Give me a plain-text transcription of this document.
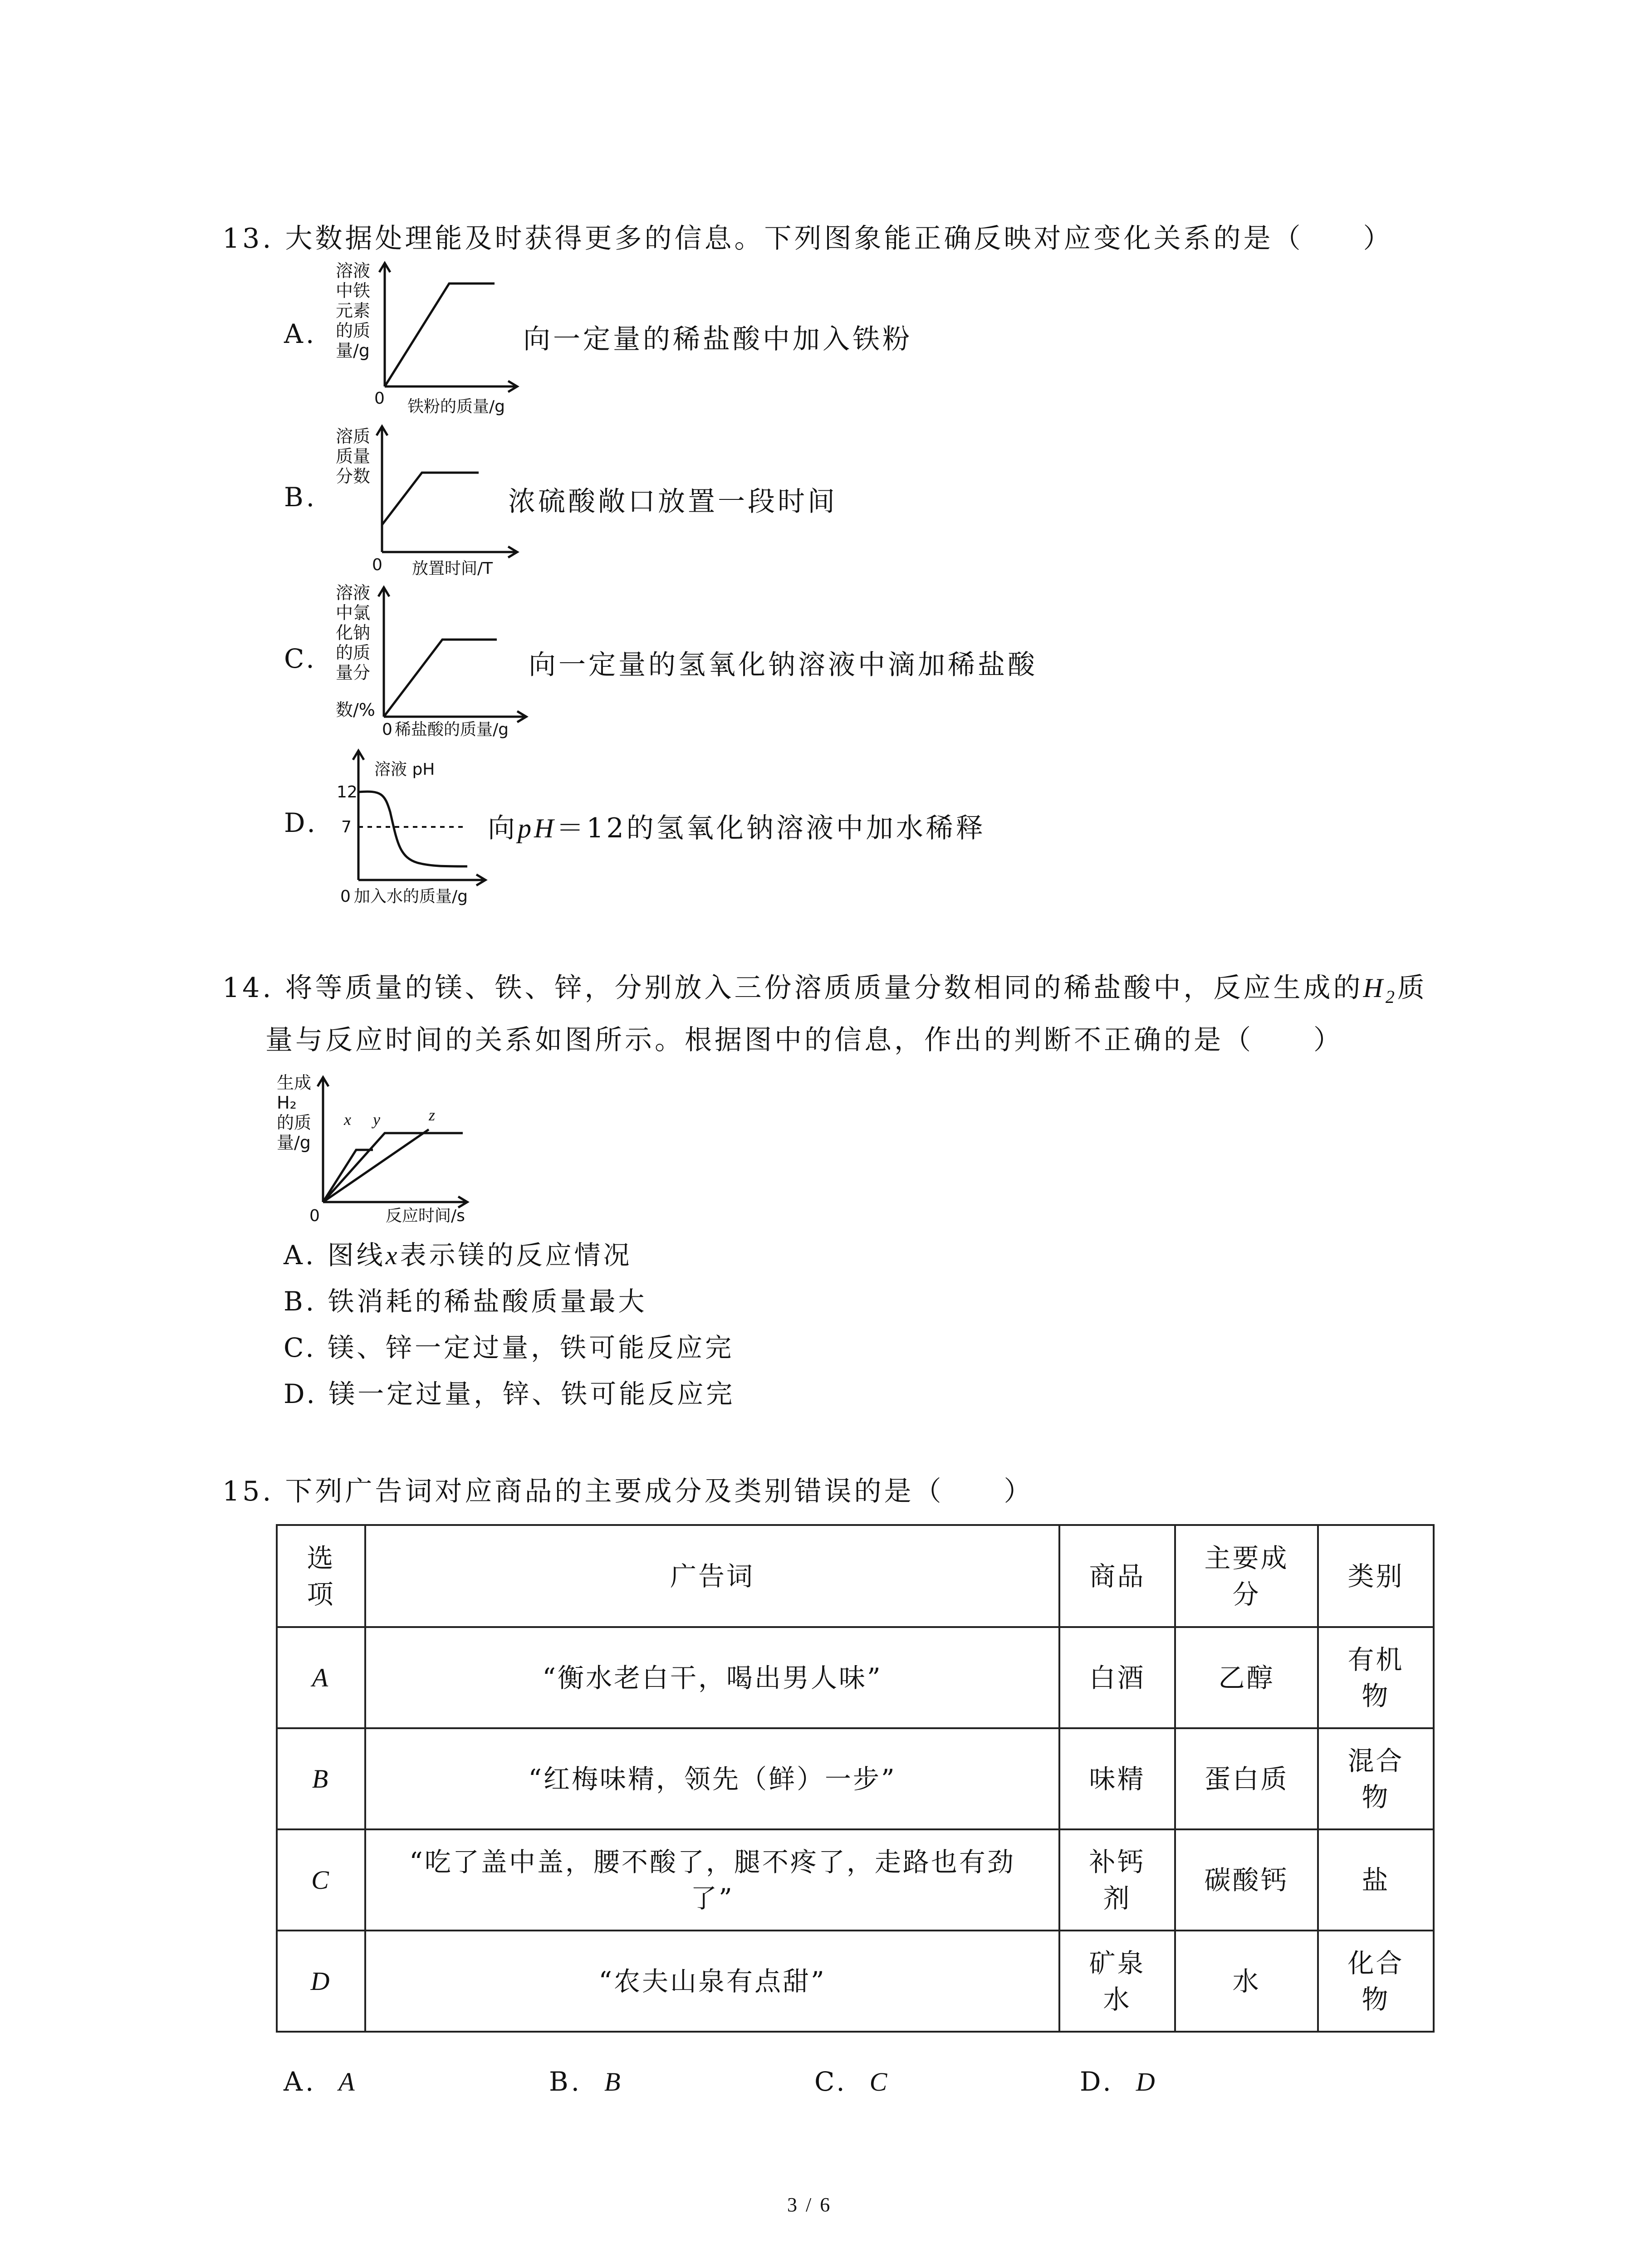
13. 大数据处理能及时获得更多的信息。下列图象能正确反映对应变化关系的是（　　）
A.
溶液
中铁
元素
的质
量/g
0 铁粉的质量/g
向一定量的稀盐酸中加入铁粉
B.
溶质
质量
分数
0 放置时间/T
浓硫酸敞口放置一段时间
C.
溶液
中氯
化钠
的质
量分
数/%
0 稀盐酸的质量/g
向一定量的氢氧化钠溶液中滴加稀盐酸
D.
溶液 pH
12
7
0 加入水的质量/g
向pH＝12的氢氧化钠溶液中加水稀释
14. 将等质量的镁、铁、锌，分别放入三份溶质质量分数相同的稀盐酸中，反应生成的$H_2$质
量与反应时间的关系如图所示。根据图中的信息，作出的判断不正确的是（　　）
生成
H₂
的质
量/g
x y	z
0	反应时间/s
A. 图线x表示镁的反应情况
B. 铁消耗的稀盐酸质量最大
C. 镁、锌一定过量，铁可能反应完
D. 镁一定过量，锌、铁可能反应完
15. 下列广告词对应商品的主要成分及类别错误的是（　　）
选项	广告词	商品	主要成分	类别
A	“衡水老白干，喝出男人味”	白酒	乙醇	有机物

B	“红梅味精，领先（鲜）一步”	味精	蛋白质	混合物

C	“吃了盖中盖，腰不酸了，腿不疼了，走路也有劲了”	补钙剂	碳酸钙	盐
D	“农夫山泉有点甜”	矿泉水	水	化合物
A. A	B. B	C. C	D. D
3 / 6
